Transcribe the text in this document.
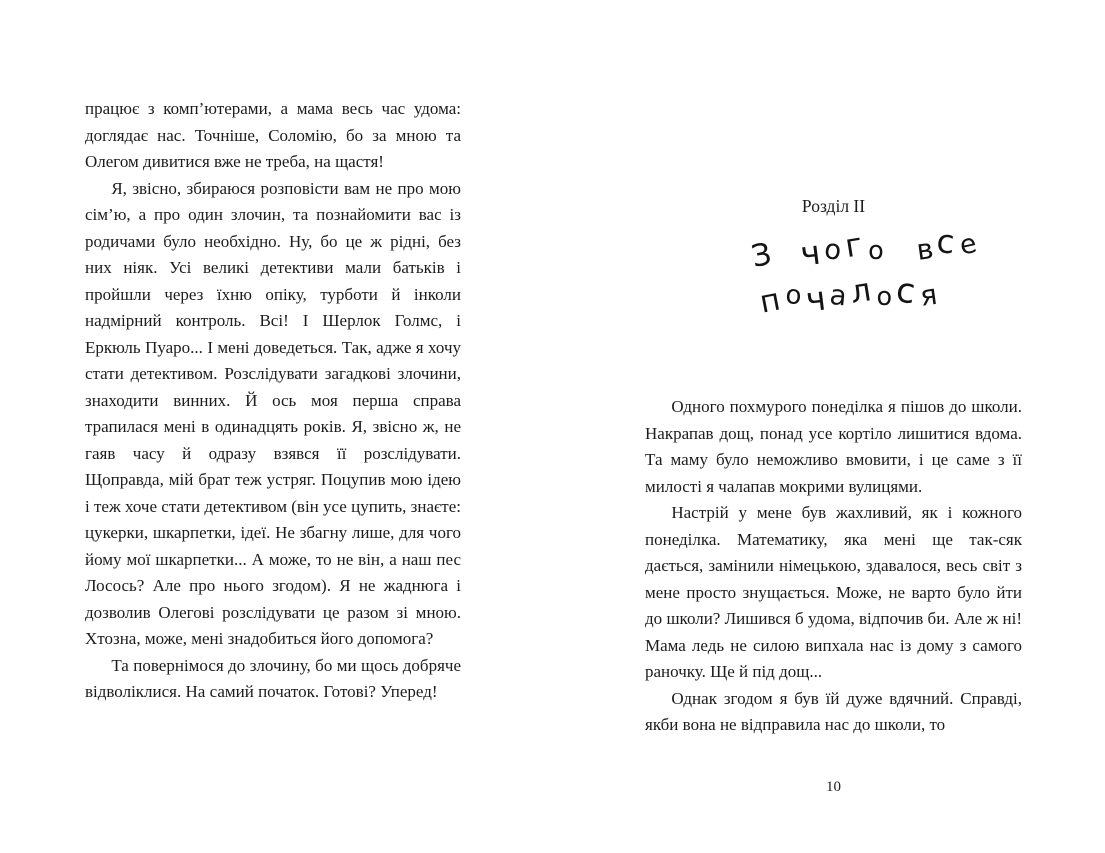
працює з комп’ютерами, а мама весь час удома: доглядає нас. Точніше, Соломію, бо за мною та Олегом дивитися вже не треба, на щастя!

Я, звісно, збираюся розповісти вам не про мою сім’ю, а про один злочин, та познайомити вас із родичами було необхідно. Ну, бо це ж рідні, без них ніяк. Усі великі детективи мали батьків і пройшли через їхню опіку, турботи й інколи надмірний контроль. Всі! І Шерлок Голмс, і Еркюль Пуаро... І мені доведеться. Так, адже я хочу стати детективом. Розслідувати загадкові злочини, знаходити винних. Й ось моя перша справа трапилася мені в одинадцять років. Я, звісно ж, не гаяв часу й одразу взявся її розслідувати. Щоправда, мій брат теж устряг. Поцупив мою ідею і теж хоче стати детективом (він усе цупить, знаєте: цукерки, шкарпетки, ідеї. Не збагну лише, для чого йому мої шкарпетки... А може, то не він, а наш пес Лосось? Але про нього згодом). Я не жаднюга і дозволив Олегові розслідувати це разом зі мною. Хтозна, може, мені знадобиться його допомога?

Та повернімося до злочину, бо ми щось добряче відволіклися. На самий початок. Готові? Уперед!

Розділ II
З чого все
почалося

Одного похмурого понеділка я пішов до школи. Накрапав дощ, понад усе кортіло лишитися вдома. Та маму було неможливо вмовити, і це саме з її милості я чалапав мокрими вулицями.

Настрій у мене був жахливий, як і кожного понеділка. Математику, яка мені ще так-сяк дається, замінили німецькою, здавалося, весь світ з мене просто знущається. Може, не варто було йти до школи? Лишився б удома, відпочив би. Але ж ні! Мама ледь не силою випхала нас із дому з самого раночку. Ще й під дощ...

Однак згодом я був їй дуже вдячний. Справді, якби вона не відправила нас до школи, то

10
